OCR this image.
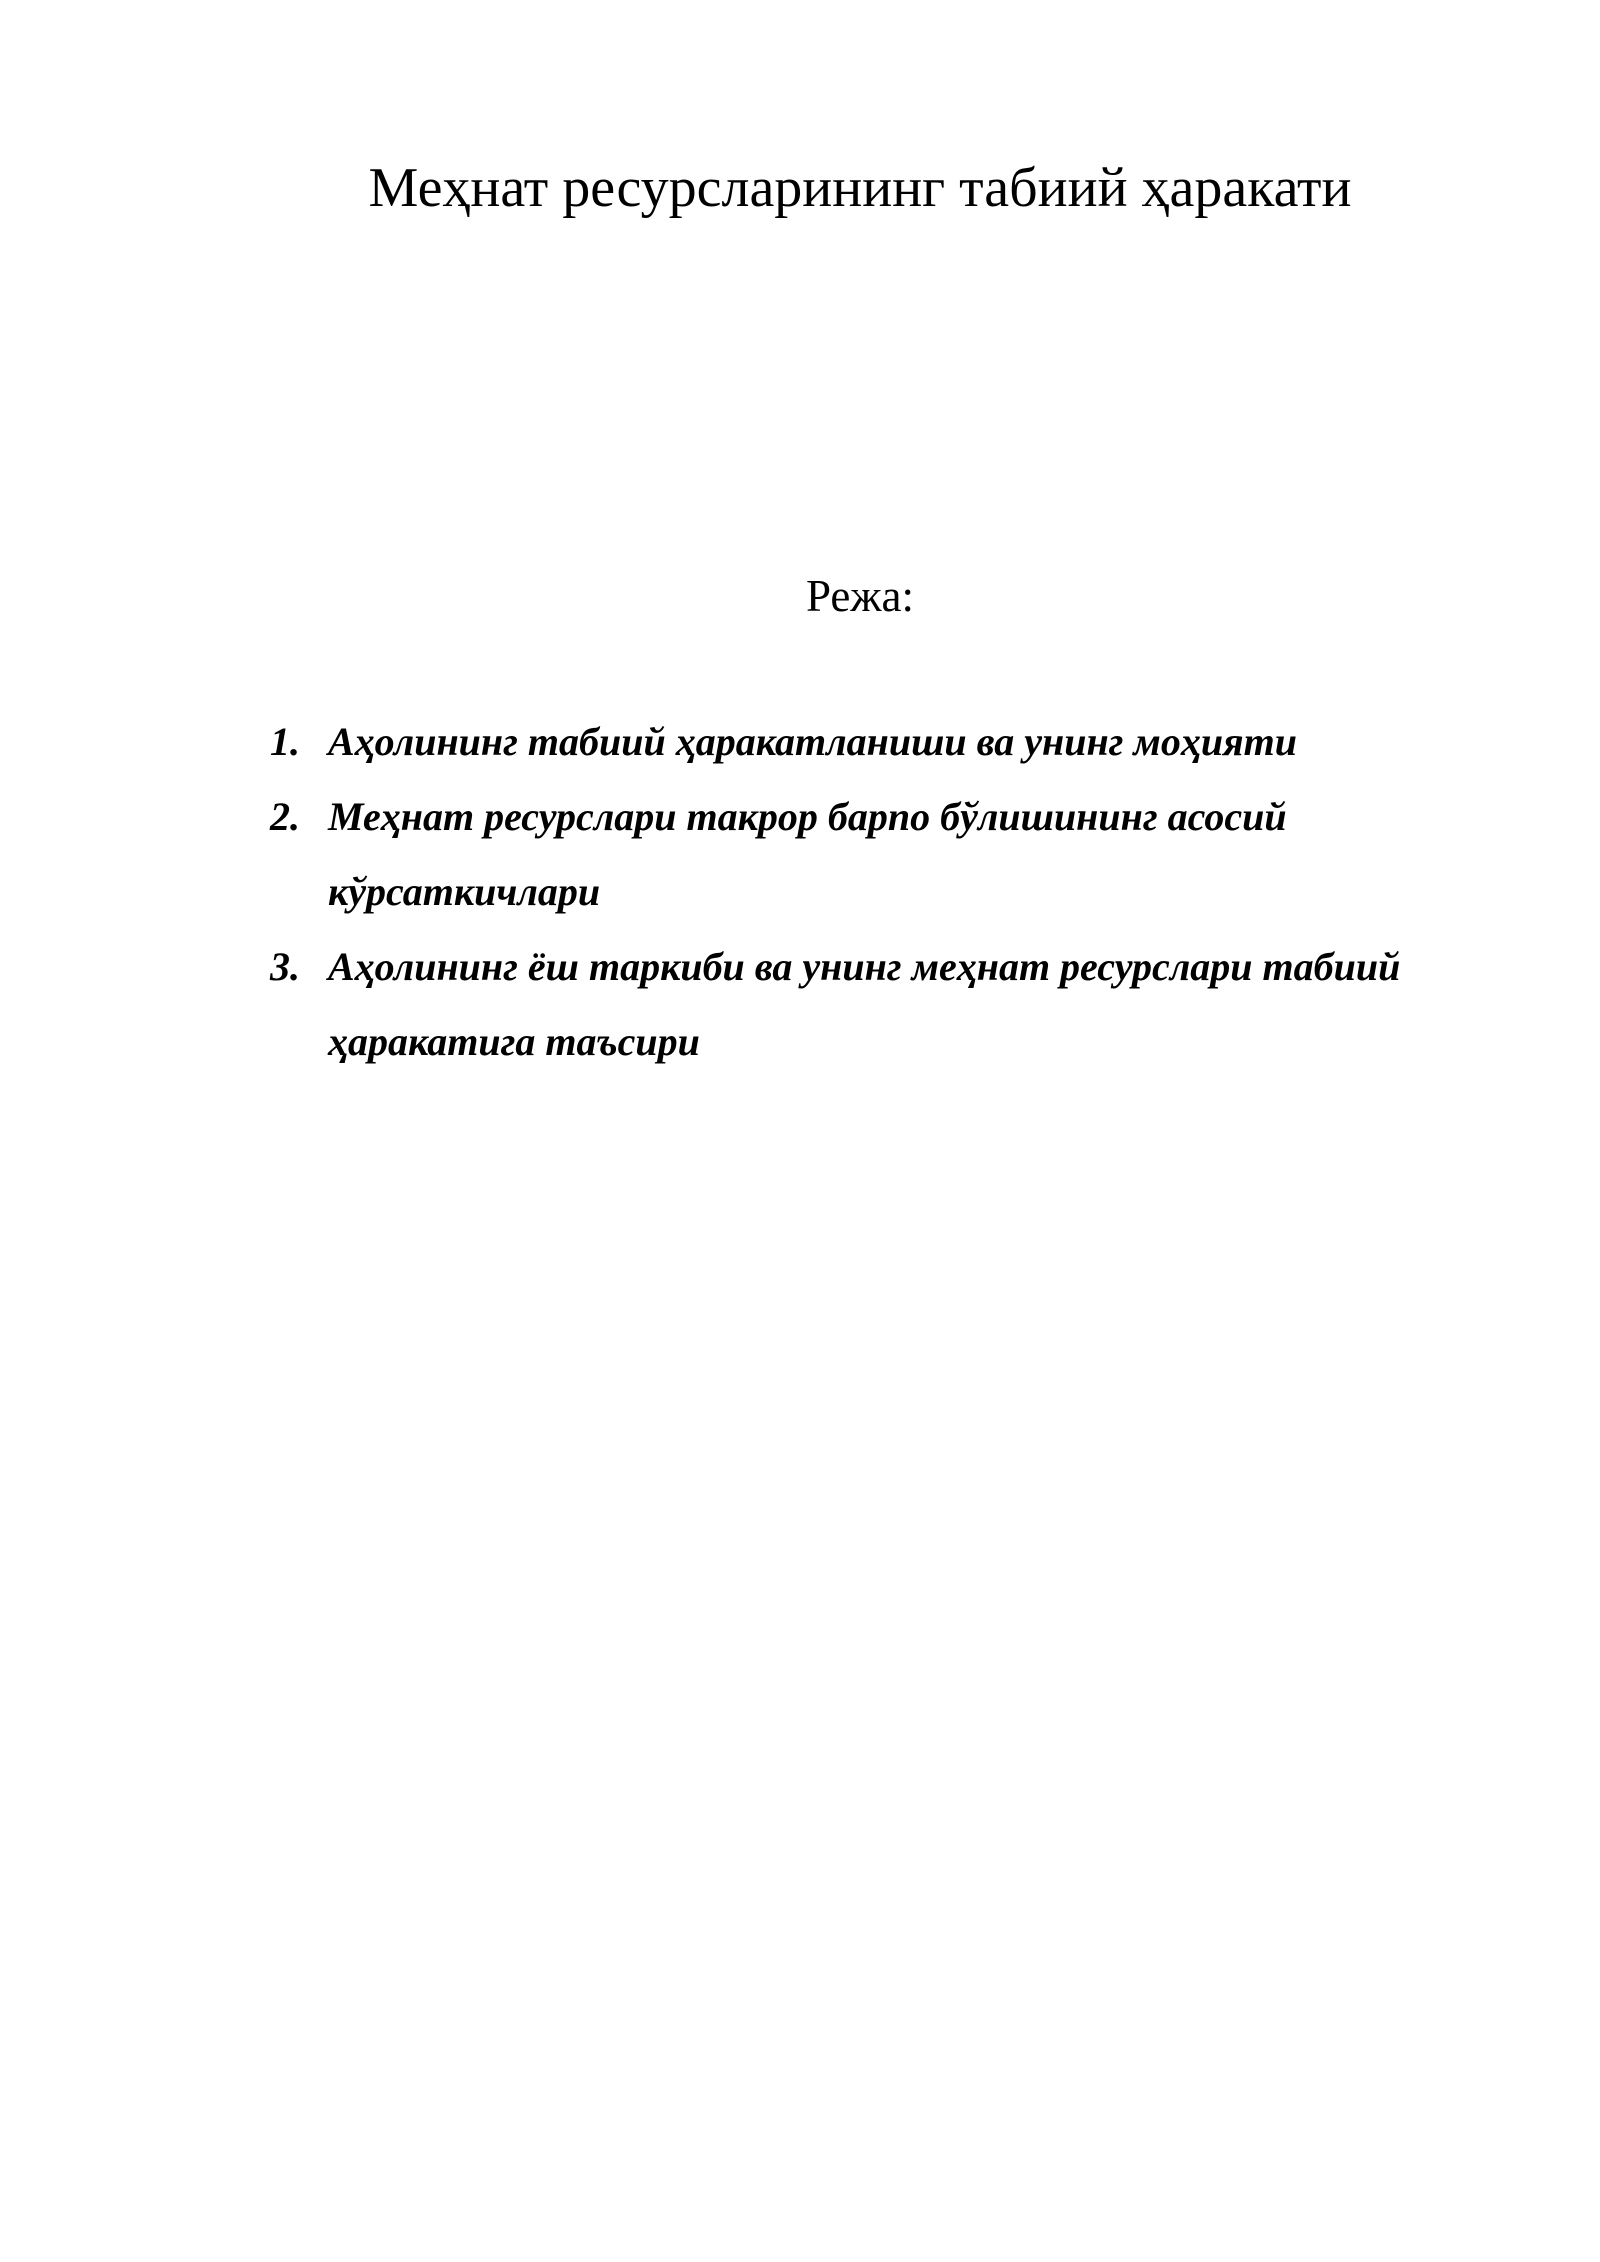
Меҳнат ресурсларининг табиий ҳаракати

Режа:

1. Аҳолининг табиий ҳаракатланиши ва унинг моҳияти
2. Меҳнат ресурслари такрор барпо бўлишининг асосий кўрсаткичлари
3. Аҳолининг ёш таркиби ва унинг меҳнат ресурслари табиий ҳаракатига таъсири
